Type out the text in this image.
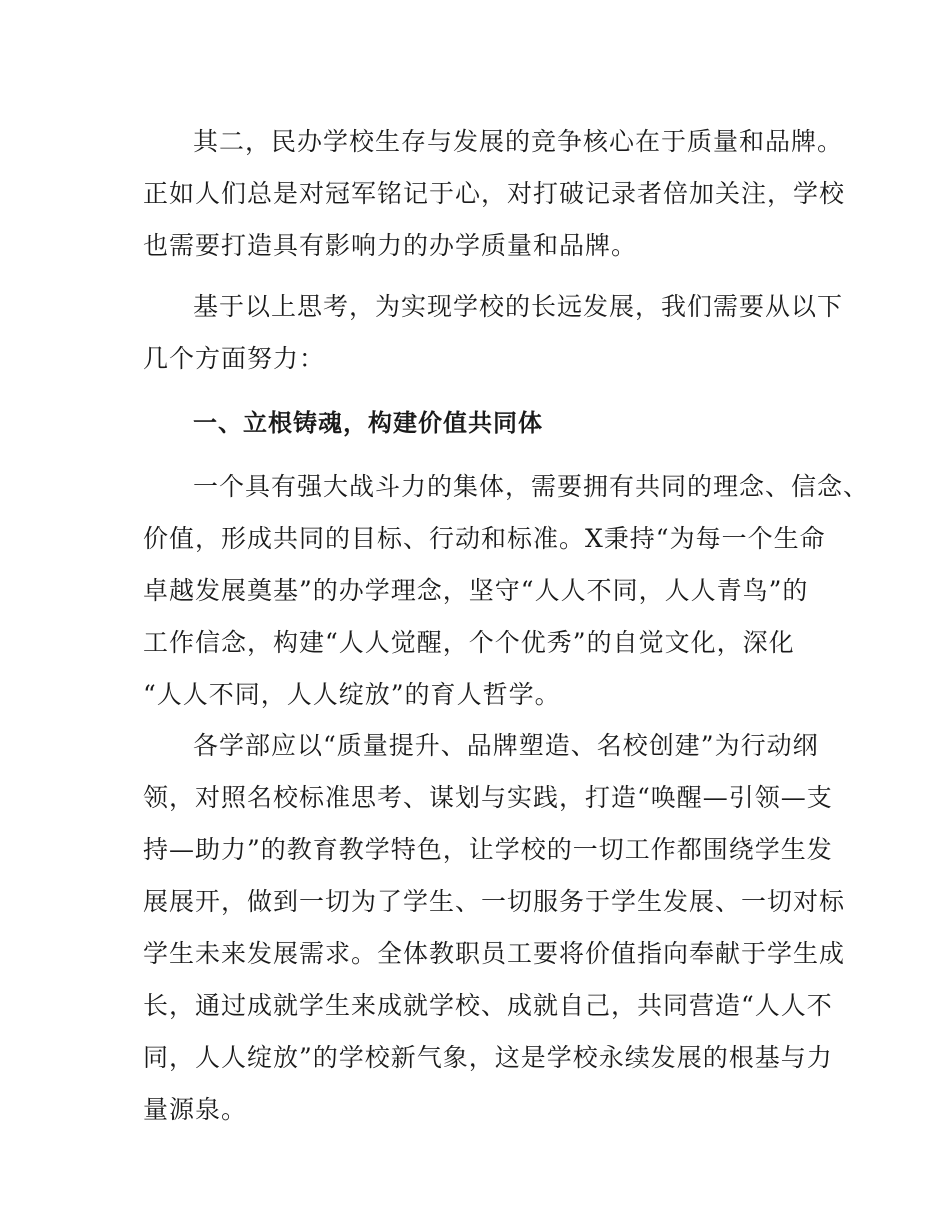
其二，民办学校生存与发展的竞争核心在于质量和品牌。
正如人们总是对冠军铭记于心，对打破记录者倍加关注，学校
也需要打造具有影响力的办学质量和品牌。
基于以上思考，为实现学校的长远发展，我们需要从以下
几个方面努力：
一、立根铸魂，构建价值共同体
一个具有强大战斗力的集体，需要拥有共同的理念、信念、
价值，形成共同的目标、行动和标准。X秉持“为每一个生命
卓越发展奠基”的办学理念，坚守“人人不同，人人青鸟”的
工作信念，构建“人人觉醒，个个优秀”的自觉文化，深化
“人人不同，人人绽放”的育人哲学。
各学部应以“质量提升、品牌塑造、名校创建”为行动纲
领，对照名校标准思考、谋划与实践，打造“唤醒—引领—支
持—助力”的教育教学特色，让学校的一切工作都围绕学生发
展展开，做到一切为了学生、一切服务于学生发展、一切对标
学生未来发展需求。全体教职员工要将价值指向奉献于学生成
长，通过成就学生来成就学校、成就自己，共同营造“人人不
同，人人绽放”的学校新气象，这是学校永续发展的根基与力
量源泉。
